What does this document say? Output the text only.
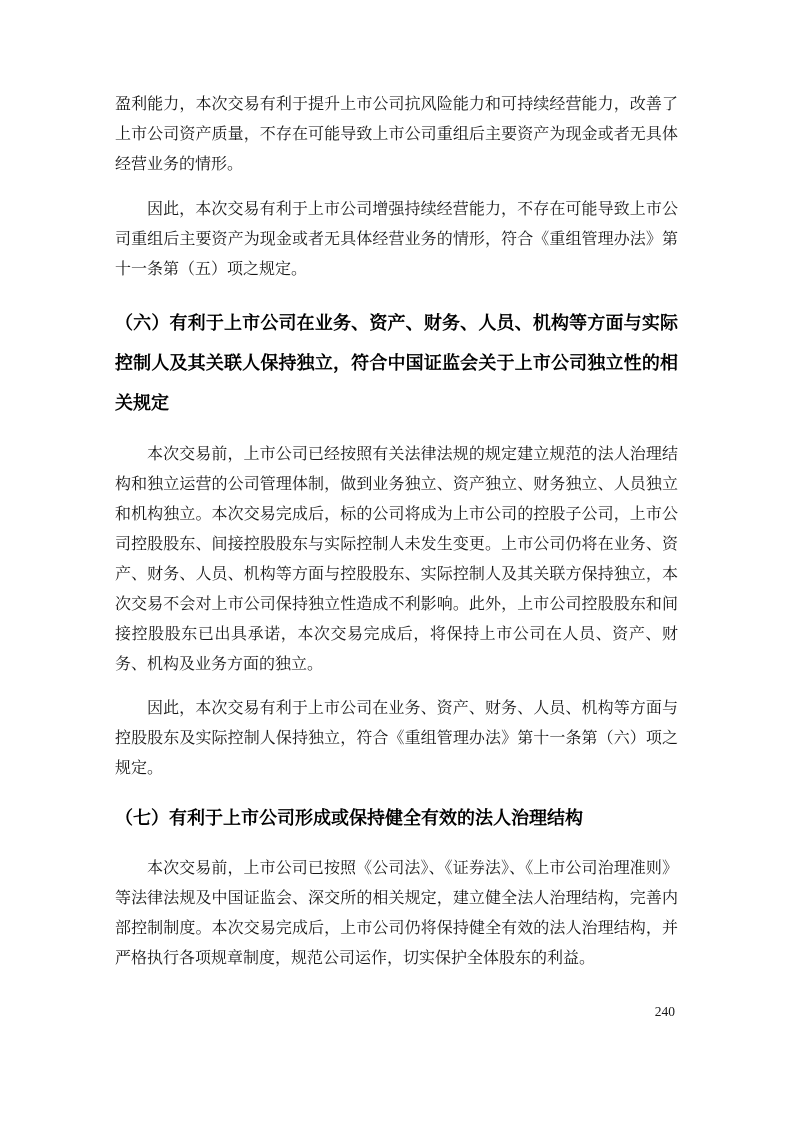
盈利能力，本次交易有利于提升上市公司抗风险能力和可持续经营能力，改善了上市公司资产质量，不存在可能导致上市公司重组后主要资产为现金或者无具体经营业务的情形。

因此，本次交易有利于上市公司增强持续经营能力，不存在可能导致上市公司重组后主要资产为现金或者无具体经营业务的情形，符合《重组管理办法》第十一条第（五）项之规定。

（六）有利于上市公司在业务、资产、财务、人员、机构等方面与实际控制人及其关联人保持独立，符合中国证监会关于上市公司独立性的相关规定

本次交易前，上市公司已经按照有关法律法规的规定建立规范的法人治理结构和独立运营的公司管理体制，做到业务独立、资产独立、财务独立、人员独立和机构独立。本次交易完成后，标的公司将成为上市公司的控股子公司，上市公司控股股东、间接控股股东与实际控制人未发生变更。上市公司仍将在业务、资产、财务、人员、机构等方面与控股股东、实际控制人及其关联方保持独立，本次交易不会对上市公司保持独立性造成不利影响。此外，上市公司控股股东和间接控股股东已出具承诺，本次交易完成后，将保持上市公司在人员、资产、财务、机构及业务方面的独立。

因此，本次交易有利于上市公司在业务、资产、财务、人员、机构等方面与控股股东及实际控制人保持独立，符合《重组管理办法》第十一条第（六）项之规定。

（七）有利于上市公司形成或保持健全有效的法人治理结构

本次交易前，上市公司已按照《公司法》、《证券法》、《上市公司治理准则》等法律法规及中国证监会、深交所的相关规定，建立健全法人治理结构，完善内部控制制度。本次交易完成后，上市公司仍将保持健全有效的法人治理结构，并严格执行各项规章制度，规范公司运作，切实保护全体股东的利益。

240
